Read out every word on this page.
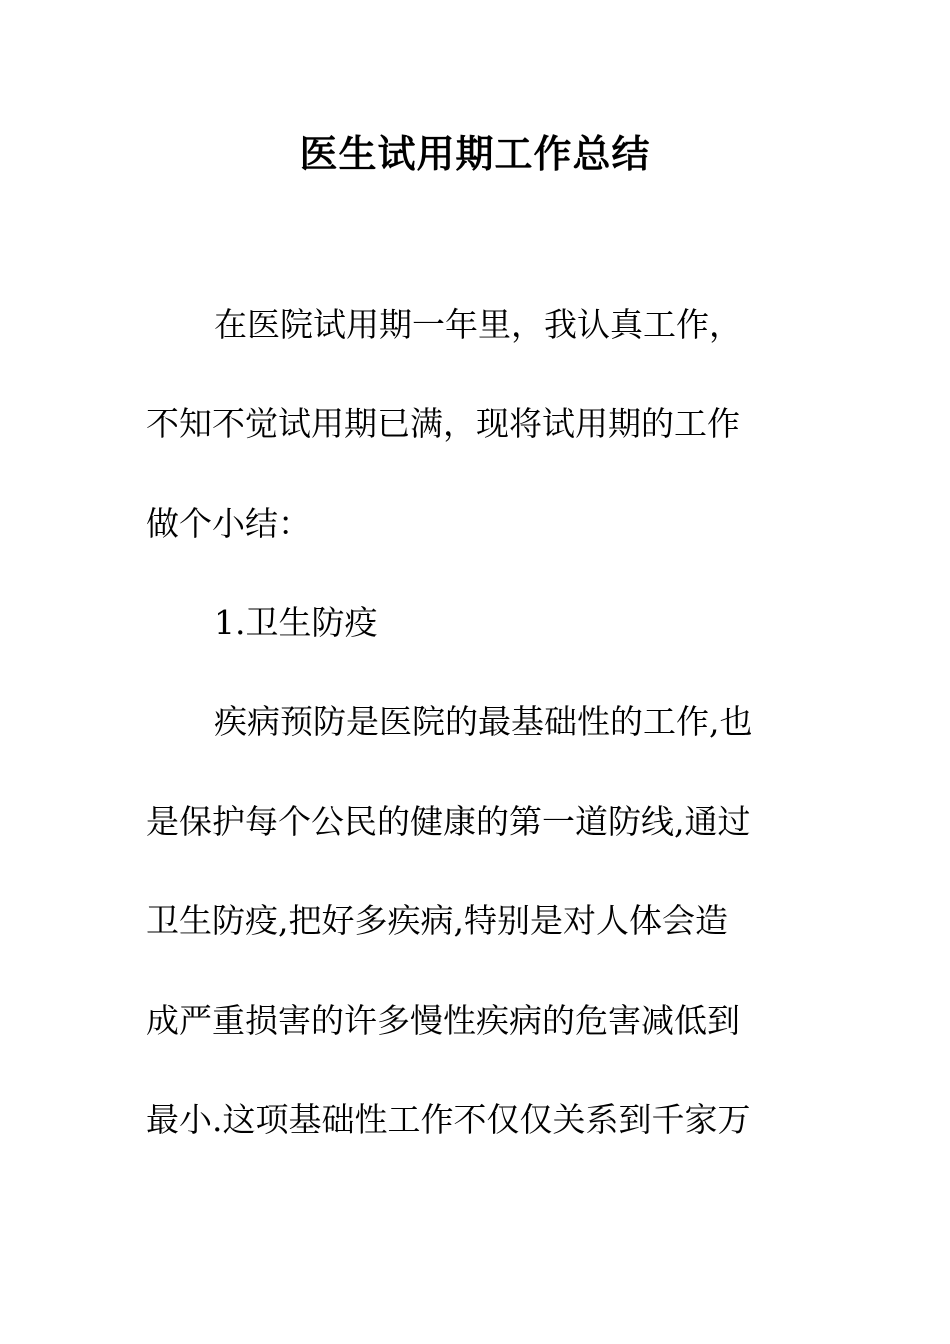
医生试用期工作总结
在医院试用期一年里，我认真工作，
不知不觉试用期已满，现将试用期的工作
做个小结：
1.卫生防疫
疾病预防是医院的最基础性的工作,也
是保护每个公民的健康的第一道防线,通过
卫生防疫,把好多疾病,特别是对人体会造
成严重损害的许多慢性疾病的危害减低到
最小.这项基础性工作不仅仅关系到千家万
